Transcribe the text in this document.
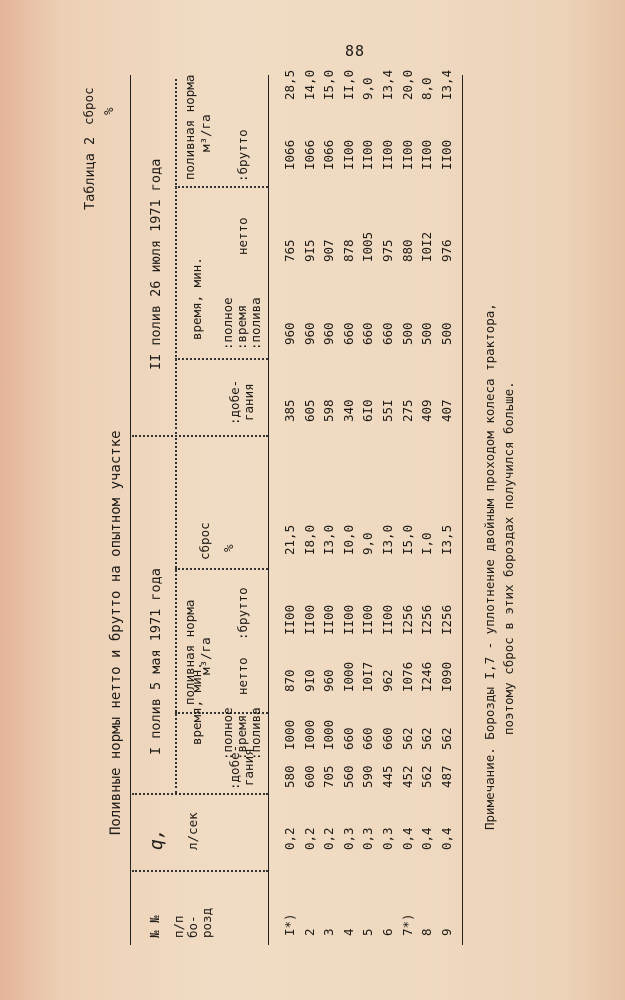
88
Таблица 2
Поливные нормы нетто и брутто на опытном участке
№ № п/п бо- розд
q, л/сек
I полив 5 мая 1971 года
II полив 26 июля 1971 года
время, мин.
поливная норма м³/га
сброс %
время, мин.
поливная норма м³/га
сброс %
:добе- гания
:полное :время :полива
нетто
:брутто
:добе- гания
:полное :время :полива
нетто
:брутто
I*)
0,2
580
I000
870
II00
21,5
385
960
765
I066
28,5
2
0,2
600
I000
9I0
II00
I8,0
605
960
9I5
I066
I4,0
3
0,2
705
I000
960
II00
I3,0
598
960
907
I066
I5,0
4
0,3
560
660
I000
II00
I0,0
340
660
878
II00
II,0
5
0,3
590
660
I0I7
II00
9,0
6I0
660
I005
II00
9,0
6
0,3
445
660
962
II00
I3,0
55I
660
975
II00
I3,4
7*)
0,4
452
562
I076
I256
I5,0
275
500
880
II00
20,0
8
0,4
562
562
I246
I256
I,0
409
500
I0I2
II00
8,0
9
0,4
487
562
I090
I256
I3,5
407
500
976
II00
I3,4
Примечание. Борозды I,7 - уплотнение двойным проходом колеса трактора, поэтому сброс в этих бороздах получился больше.
